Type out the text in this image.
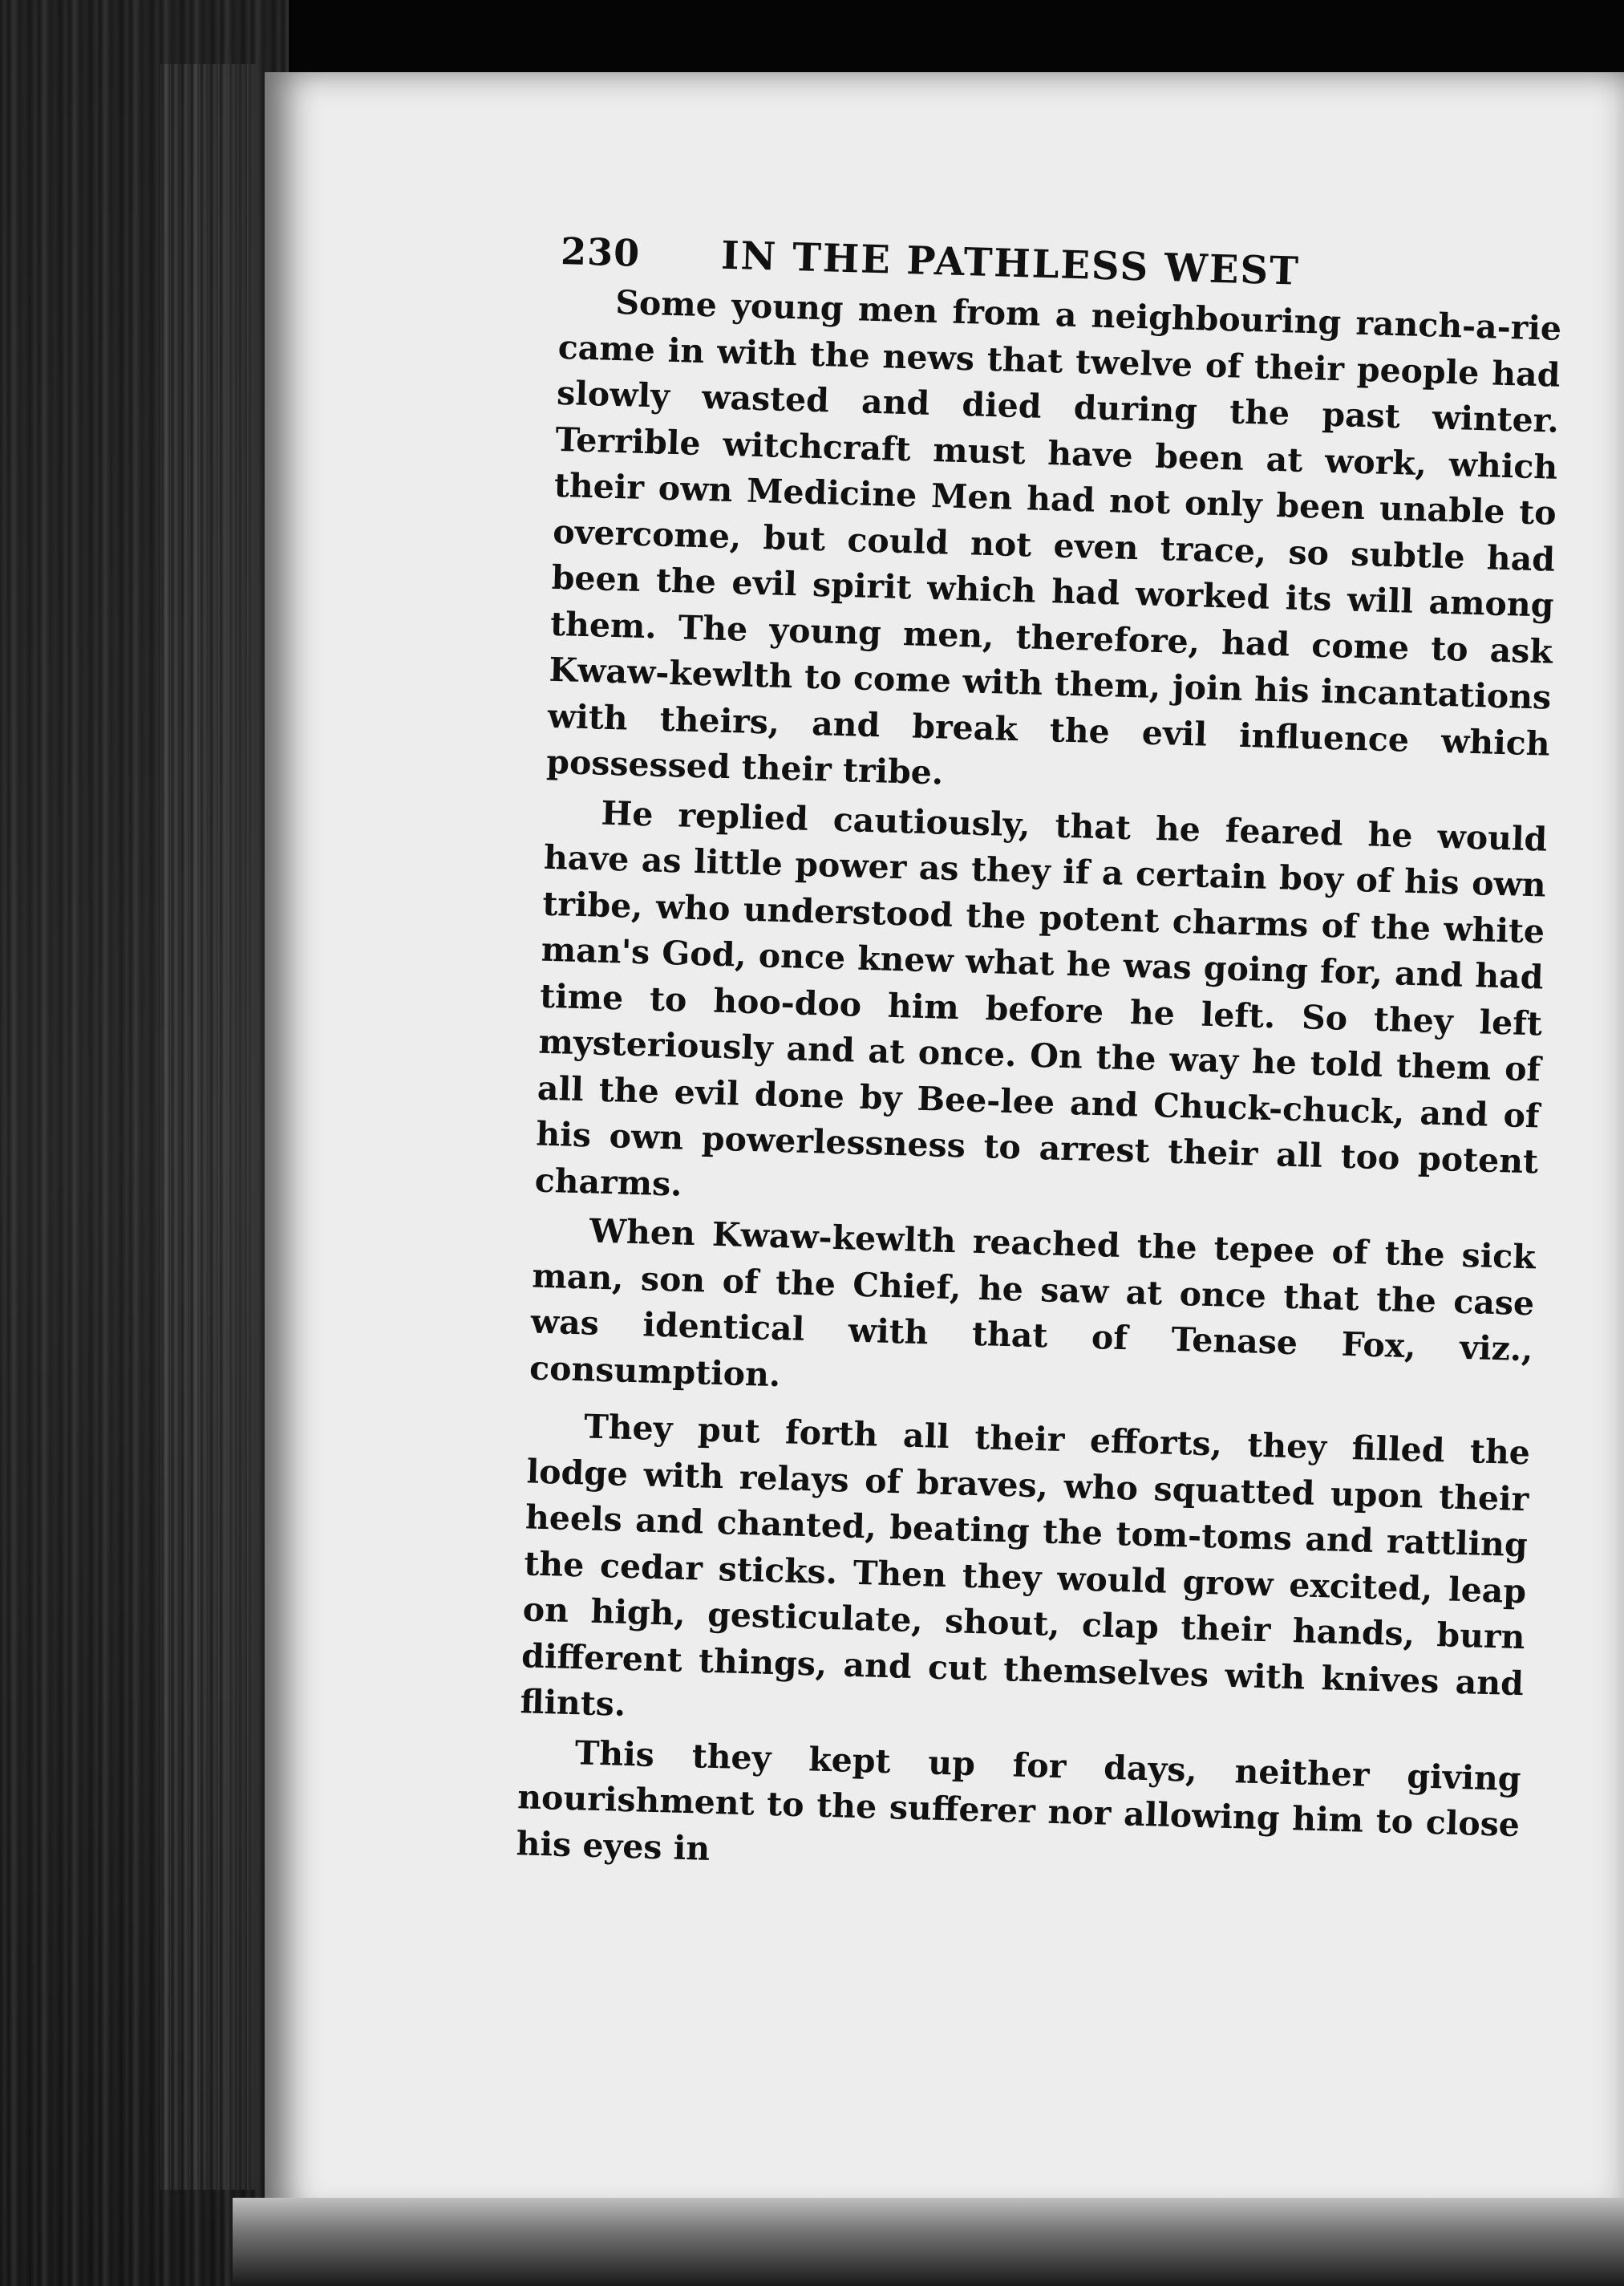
230	IN THE PATHLESS WEST

Some young men from a neighbouring ranch-a-rie came in with the news that twelve of their people had slowly wasted and died during the past winter. Terrible witchcraft must have been at work, which their own Medicine Men had not only been unable to overcome, but could not even trace, so subtle had been the evil spirit which had worked its will among them. The young men, therefore, had come to ask Kwaw-kewlth to come with them, join his incantations with theirs, and break the evil influence which possessed their tribe.

He replied cautiously, that he feared he would have as little power as they if a certain boy of his own tribe, who understood the potent charms of the white man's God, once knew what he was going for, and had time to hoo-doo him before he left. So they left mysteriously and at once. On the way he told them of all the evil done by Bee-lee and Chuck-chuck, and of his own powerlessness to arrest their all too potent charms.

When Kwaw-kewlth reached the tepee of the sick man, son of the Chief, he saw at once that the case was identical with that of Tenase Fox, viz., consumption.

They put forth all their efforts, they filled the lodge with relays of braves, who squatted upon their heels and chanted, beating the tom-toms and rattling the cedar sticks. Then they would grow excited, leap on high, gesticulate, shout, clap their hands, burn different things, and cut themselves with knives and flints.

This they kept up for days, neither giving nourishment to the sufferer nor allowing him to close his eyes in
